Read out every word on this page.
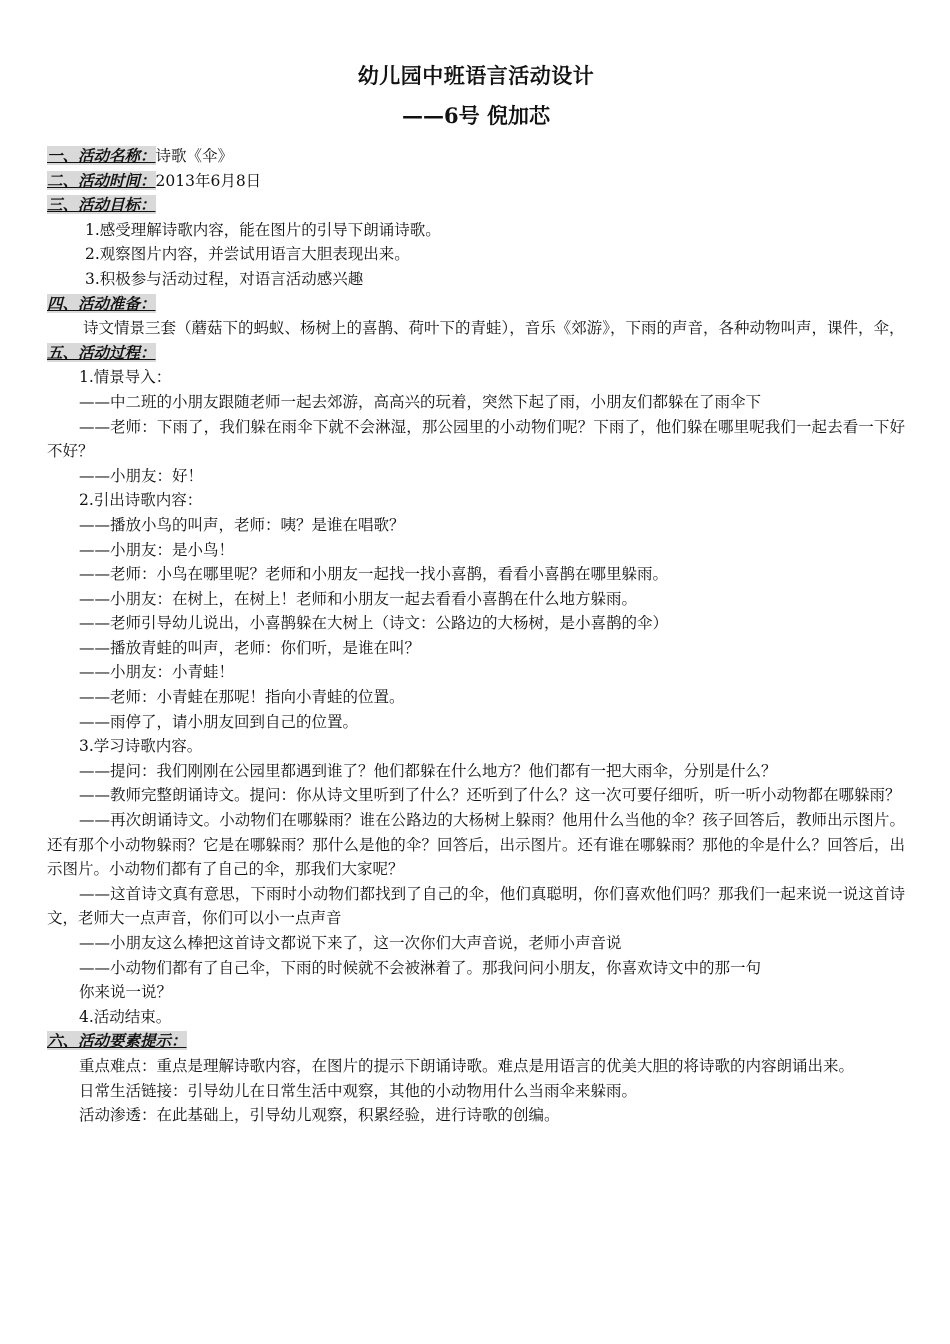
幼儿园中班语言活动设计
——6号 倪加芯
一、活动名称：诗歌《伞》
二、活动时间：2013年6月8日
三、活动目标：
1.感受理解诗歌内容，能在图片的引导下朗诵诗歌。
2.观察图片内容，并尝试用语言大胆表现出来。
3.积极参与活动过程，对语言活动感兴趣
四、活动准备：
诗文情景三套（蘑菇下的蚂蚁、杨树上的喜鹊、荷叶下的青蛙），音乐《郊游》，下雨的声音，各种动物叫声，课件，伞，
五、活动过程：
1.情景导入：
——中二班的小朋友跟随老师一起去郊游，高高兴的玩着，突然下起了雨，小朋友们都躲在了雨伞下
——老师：下雨了，我们躲在雨伞下就不会淋湿，那公园里的小动物们呢？下雨了，他们躲在哪里呢我们一起去看一下好不好？
——小朋友：好！
2.引出诗歌内容：
——播放小鸟的叫声，老师：咦？是谁在唱歌？
——小朋友：是小鸟！
——老师：小鸟在哪里呢？老师和小朋友一起找一找小喜鹊，看看小喜鹊在哪里躲雨。
——小朋友：在树上，在树上！老师和小朋友一起去看看小喜鹊在什么地方躲雨。
——老师引导幼儿说出，小喜鹊躲在大树上（诗文：公路边的大杨树，是小喜鹊的伞）
——播放青蛙的叫声，老师：你们听，是谁在叫？
——小朋友：小青蛙！
——老师：小青蛙在那呢！指向小青蛙的位置。
——雨停了，请小朋友回到自己的位置。
3.学习诗歌内容。
——提问：我们刚刚在公园里都遇到谁了？他们都躲在什么地方？他们都有一把大雨伞，分别是什么？
——教师完整朗诵诗文。提问：你从诗文里听到了什么？还听到了什么？这一次可要仔细听，听一听小动物都在哪躲雨？
——再次朗诵诗文。小动物们在哪躲雨？谁在公路边的大杨树上躲雨？他用什么当他的伞？孩子回答后，教师出示图片。还有那个小动物躲雨？它是在哪躲雨？那什么是他的伞？回答后，出示图片。还有谁在哪躲雨？那他的伞是什么？回答后，出示图片。小动物们都有了自己的伞，那我们大家呢？
——这首诗文真有意思，下雨时小动物们都找到了自己的伞，他们真聪明，你们喜欢他们吗？那我们一起来说一说这首诗文，老师大一点声音，你们可以小一点声音
——小朋友这么棒把这首诗文都说下来了，这一次你们大声音说，老师小声音说
——小动物们都有了自己伞，下雨的时候就不会被淋着了。那我问问小朋友，你喜欢诗文中的那一句
你来说一说？
4.活动结束。
六、活动要素提示：
重点难点：重点是理解诗歌内容，在图片的提示下朗诵诗歌。难点是用语言的优美大胆的将诗歌的内容朗诵出来。
日常生活链接：引导幼儿在日常生活中观察，其他的小动物用什么当雨伞来躲雨。
活动渗透：在此基础上，引导幼儿观察，积累经验，进行诗歌的创编。
